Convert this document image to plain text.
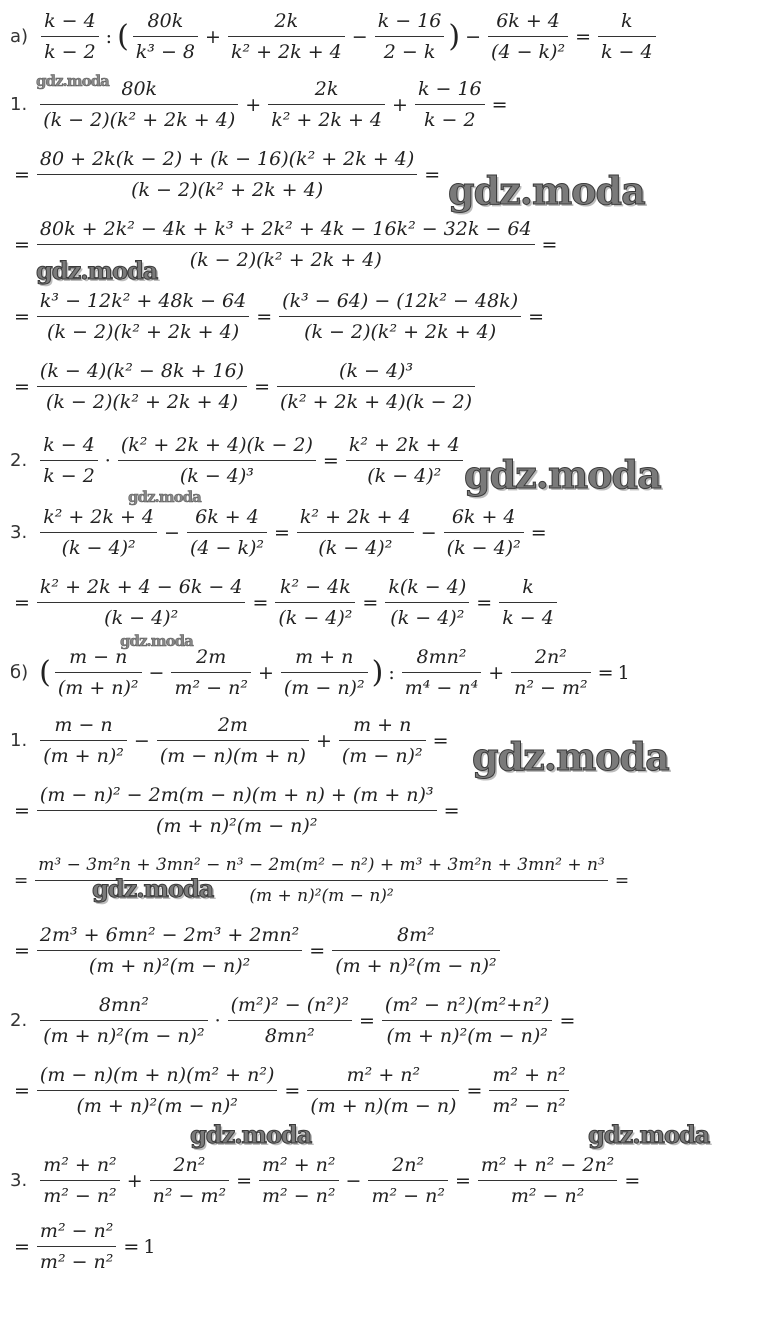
$а) \frac{k - 4}{k - 2}$ : ( $\frac{80k}{\text{k³ − 8}} + \frac{2k}{\text{k² + 2k + 4}} - \frac{k - 16}{2 - k}$ ) − $\frac{6k + 4}{\text{(4 − k)²}} = \frac{k}{k - 4}$
1. $\frac{80k}{\text{(k − 2)(k² + 2k + 4)}} + \frac{2k}{\text{k² + 2k + 4}} + \frac{k - 16}{k - 2}$ =
= $\frac{\text{80 + 2k(k − 2) + (k − 16)(k² + 2k + 4)}}{\text{(k − 2)(k² + 2k + 4)}}$ =
= $\frac{\text{80k + 2k² − 4k + k³ + 2k² + 4k − 16k² − 32k − 64}}{\text{(k − 2)(k² + 2k + 4)}}$ =
= $\frac{\text{k³ − 12k² + 48k − 64}}{\text{(k − 2)(k² + 2k + 4)}} = \frac{\text{(k³ − 64) − (12k² − 48k)}}{\text{(k − 2)(k² + 2k + 4)}}$ =
= $\frac{\text{(k − 4)(k² − 8k + 16)}}{\text{(k − 2)(k² + 2k + 4)}} = \frac{\text{(k − 4)³}}{\text{(k² + 2k + 4)(k − 2)}}$
2. $\frac{k - 4}{k - 2} \cdot \frac{\text{(k² + 2k + 4)(k − 2)}}{\text{(k − 4)³}} = \frac{\text{k² + 2k + 4}}{\text{(k − 4)²}}$
3. $\frac{\text{k² + 2k + 4}}{\text{(k − 4)²}} - \frac{6k + 4}{\text{(4 − k)²}} = \frac{\text{k² + 2k + 4}}{\text{(k − 4)²}} - \frac{6k + 4}{\text{(k − 4)²}}$ =
= $\frac{\text{k² + 2k + 4 − 6k − 4}}{\text{(k − 4)²}} = \frac{\text{k² − 4k}}{\text{(k − 4)²}} = \frac{k(k - 4)}{\text{(k − 4)²}} = \frac{k}{k - 4}$
б) ( $\frac{m - n}{\text{(m + n)²}} - \frac{2m}{\text{m² − n²}} + \frac{m + n}{\text{(m − n)²}}$ ) : $\frac{\text{8mn²}}{\text{m⁴ − n⁴}} + \frac{\text{2n²}}{\text{n² − m²}} = 1$
1. $\frac{m - n}{\text{(m + n)²}} - \frac{2m}{(m - n)(m + n)} + \frac{m + n}{\text{(m − n)²}}$ =
= $\frac{\text{(m − n)² − 2m(m − n)(m + n) + (m + n)³}}{\text{(m + n)²(m − n)²}}$ =
= $\frac{\text{m³ − 3m²n + 3mn² − n³ − 2m(m² − n²) + m³ + 3m²n + 3mn² + n³}}{\text{(m + n)²(m − n)²}}$ =
= $\frac{\text{2m³ + 6mn² − 2m³ + 2mn²}}{\text{(m + n)²(m − n)²}} = \frac{\text{8m²}}{\text{(m + n)²(m − n)²}}$
2. $\frac{\text{8mn²}}{\text{(m + n)²(m − n)²}} \cdot \frac{\text{(m²)² − (n²)²}}{\text{8mn²}} = \frac{\text{(m² − n²)(m²+n²)}}{\text{(m + n)²(m − n)²}}$ =
= $\frac{\text{(m − n)(m + n)(m² + n²)}}{\text{(m + n)²(m − n)²}} = \frac{\text{m² + n²}}{(m + n)(m - n)} = \frac{\text{m² + n²}}{\text{m² − n²}}$
3. $\frac{\text{m² + n²}}{\text{m² − n²}} + \frac{\text{2n²}}{\text{n² − m²}} = \frac{\text{m² + n²}}{\text{m² − n²}} - \frac{\text{2n²}}{\text{m² − n²}} = \frac{\text{m² + n² − 2n²}}{\text{m² − n²}}$ =
= $\frac{\text{m² − n²}}{\text{m² − n²}} = 1$
gdz.moda
gdz.moda
gdz.moda
gdz.moda
gdz.moda
gdz.moda
gdz.moda
gdz.moda
gdz.moda	gdz.moda
